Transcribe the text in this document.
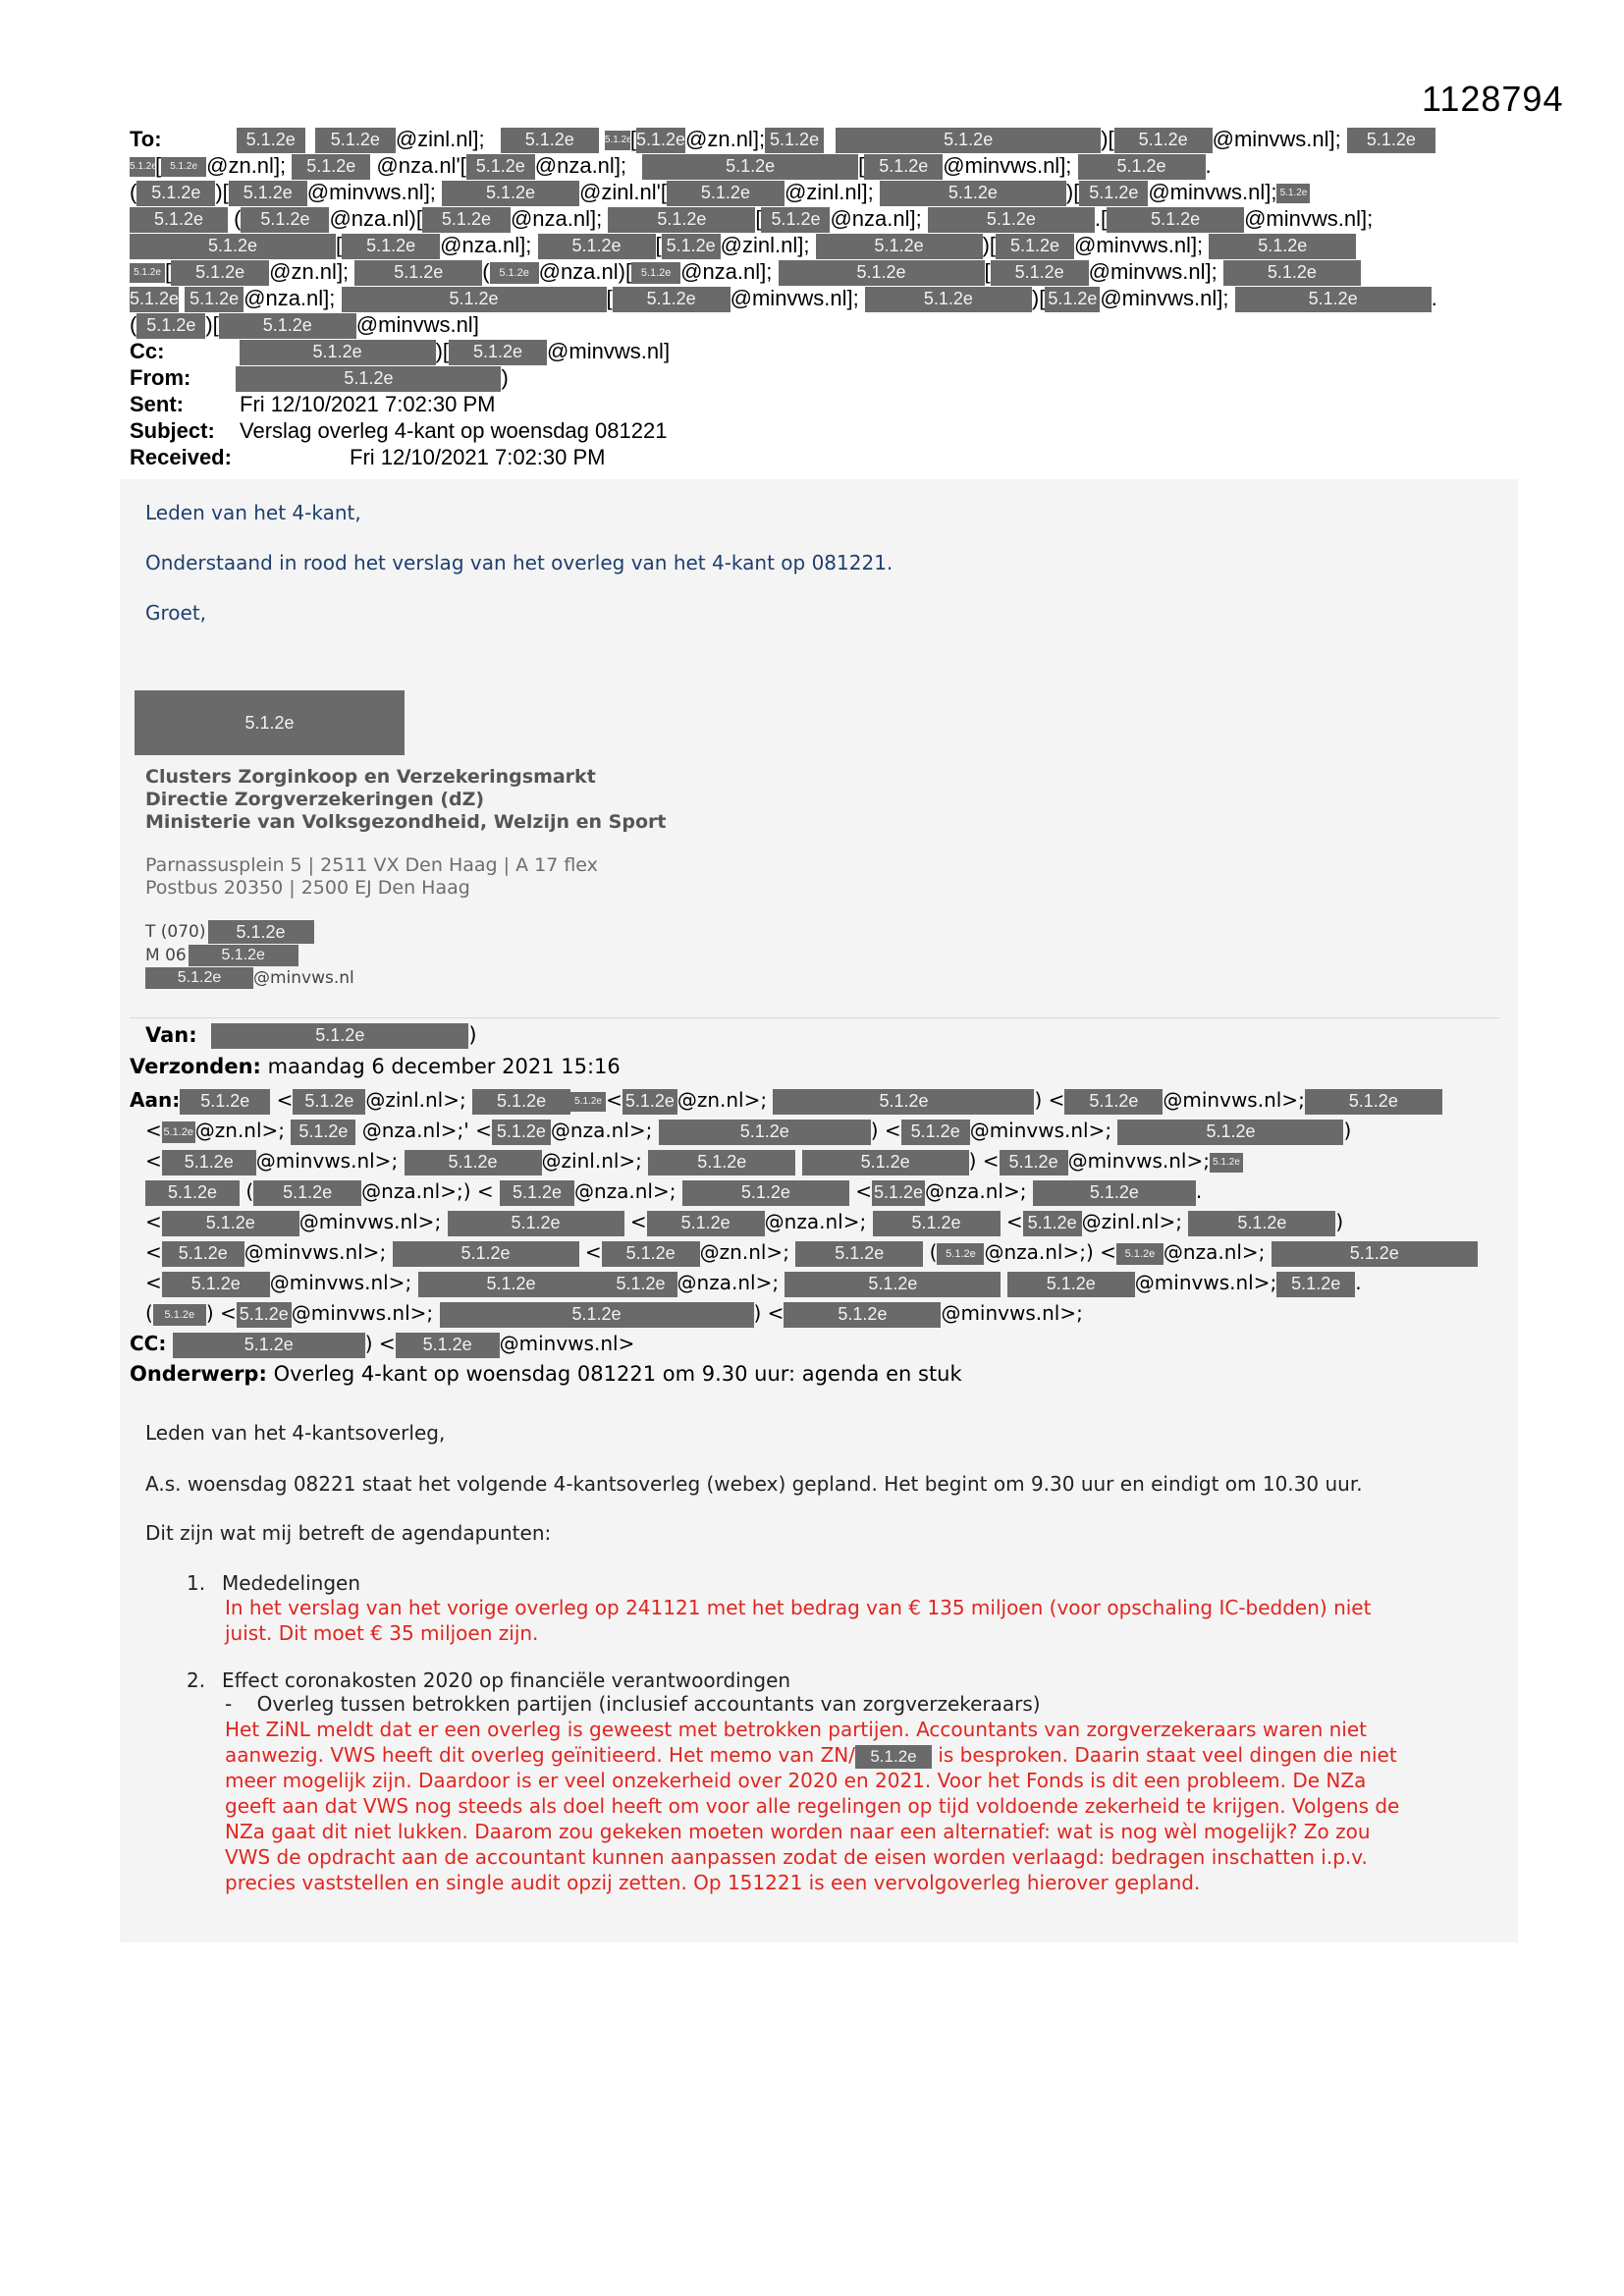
1128794
To:	5.1.2e 5.1.2e @zinl.nl]; 5.1.2e	5.1.2e[5.1.2e@zn.nl]; 5.1.2e	5.1.2e	)[ 5.1.2e @minvws.nl]; 5.1.2e
5.1.2e[ 5.1.2e @zn.nl]; 5.1.2e @nza.nl'[ 5.1.2e @nza.nl];	5.1.2e	[ 5.1.2e @minvws.nl]; 5.1.2e .
( 5.1.2e )[ 5.1.2e @minvws.nl]; 5.1.2e @zinl.nl'[ 5.1.2e @zinl.nl];	5.1.2e	)[ 5.1.2e @minvws.nl]; 5.1.2e
5.1.2e ( 5.1.2e @nza.nl)[ 5.1.2e @nza.nl];	5.1.2e [ 5.1.2e @nza.nl];	5.1.2e	.[ 5.1.2e @minvws.nl];
5.1.2e	[ 5.1.2e @nza.nl]; 5.1.2e [ 5.1.2e @zinl.nl];	5.1.2e	)[ 5.1.2e @minvws.nl];	5.1.2e
5.1.2e [ 5.1.2e @zn.nl]; 5.1.2e ( 5.1.2e @nza.nl)[ 5.1.2e @nza.nl];	5.1.2e	[ 5.1.2e @minvws.nl]; 5.1.2e
5.1.2e 5.1.2e @nza.nl];	5.1.2e	[ 5.1.2e @minvws.nl];	5.1.2e	)[ 5.1.2e @minvws.nl];	5.1.2e	.
( 5.1.2e )[ 5.1.2e @minvws.nl]
Cc:	5.1.2e	)[ 5.1.2e @minvws.nl]
From:	5.1.2e	)
Sent:	Fri 12/10/2021 7:02:30 PM
Subject: Verslag overleg 4-kant op woensdag 081221
Received:	Fri 12/10/2021 7:02:30 PM
Leden van het 4-kant,
Onderstaand in rood het verslag van het overleg van het 4-kant op 081221.
Groet,
5.1.2e
Clusters Zorginkoop en Verzekeringsmarkt
Directie Zorgverzekeringen (dZ)
Ministerie van Volksgezondheid, Welzijn en Sport
Parnassusplein 5 | 2511 VX Den Haag | A 17 flex
Postbus 20350 | 2500 EJ Den Haag
T (070) 5.1.2e
M 06 5.1.2e
5.1.2e @minvws.nl
Van:	5.1.2e	)
Verzonden: maandag 6 december 2021 15:16
Aan: 5.1.2e < 5.1.2e @zinl.nl>; 5.1.2e	5.1.2e < 5.1.2e @zn.nl>;	5.1.2e	) < 5.1.2e @minvws.nl>; 5.1.2e
< 5.1.2e@zn.nl>; 5.1.2e @nza.nl>;' < 5.1.2e @nza.nl>;	5.1.2e	) < 5.1.2e @minvws.nl>;	5.1.2e	)
< 5.1.2e @minvws.nl>;	5.1.2e @zinl.nl>;	5.1.2e	5.1.2e	) < 5.1.2e @minvws.nl>; 5.1.2e
5.1.2e ( 5.1.2e @nza.nl>;) < 5.1.2e @nza.nl>;	5.1.2e	< 5.1.2e@nza.nl>;	5.1.2e	.
< 5.1.2e @minvws.nl>;	5.1.2e	< 5.1.2e @nza.nl>;	5.1.2e < 5.1.2e @zinl.nl>;	5.1.2e )
< 5.1.2e @minvws.nl>;	5.1.2e	< 5.1.2e @zn.nl>;	5.1.2e ( 5.1.2e @nza.nl>;) < 5.1.2e @nza.nl>;	5.1.2e
< 5.1.2e @minvws.nl>;	5.1.2e	5.1.2e @nza.nl>;	5.1.2e	5.1.2e @minvws.nl>; 5.1.2e .
( 5.1.2e ) < 5.1.2e @minvws.nl>;	5.1.2e	) <	5.1.2e	@minvws.nl>;
CC:	5.1.2e	) < 5.1.2e @minvws.nl>
Onderwerp: Overleg 4-kant op woensdag 081221 om 9.30 uur: agenda en stuk
Leden van het 4-kantsoverleg,
A.s. woensdag 08221 staat het volgende 4-kantsoverleg (webex) gepland. Het begint om 9.30 uur en eindigt om 10.30 uur.
Dit zijn wat mij betreft de agendapunten:
1. Mededelingen
In het verslag van het vorige overleg op 241121 met het bedrag van € 135 miljoen (voor opschaling IC-bedden) niet
juist. Dit moet € 35 miljoen zijn.
2. Effect coronakosten 2020 op financiële verantwoordingen
-    Overleg tussen betrokken partijen (inclusief accountants van zorgverzekeraars)
Het ZiNL meldt dat er een overleg is geweest met betrokken partijen. Accountants van zorgverzekeraars waren niet
aanwezig. VWS heeft dit overleg geïnitieerd. Het memo van ZN/ 5.1.2e is besproken. Daarin staat veel dingen die niet
meer mogelijk zijn. Daardoor is er veel onzekerheid over 2020 en 2021. Voor het Fonds is dit een probleem. De NZa
geeft aan dat VWS nog steeds als doel heeft om voor alle regelingen op tijd voldoende zekerheid te krijgen. Volgens de
NZa gaat dit niet lukken. Daarom zou gekeken moeten worden naar een alternatief: wat is nog wèl mogelijk? Zo zou
VWS de opdracht aan de accountant kunnen aanpassen zodat de eisen worden verlaagd: bedragen inschatten i.p.v.
precies vaststellen en single audit opzij zetten. Op 151221 is een vervolgoverleg hierover gepland.
